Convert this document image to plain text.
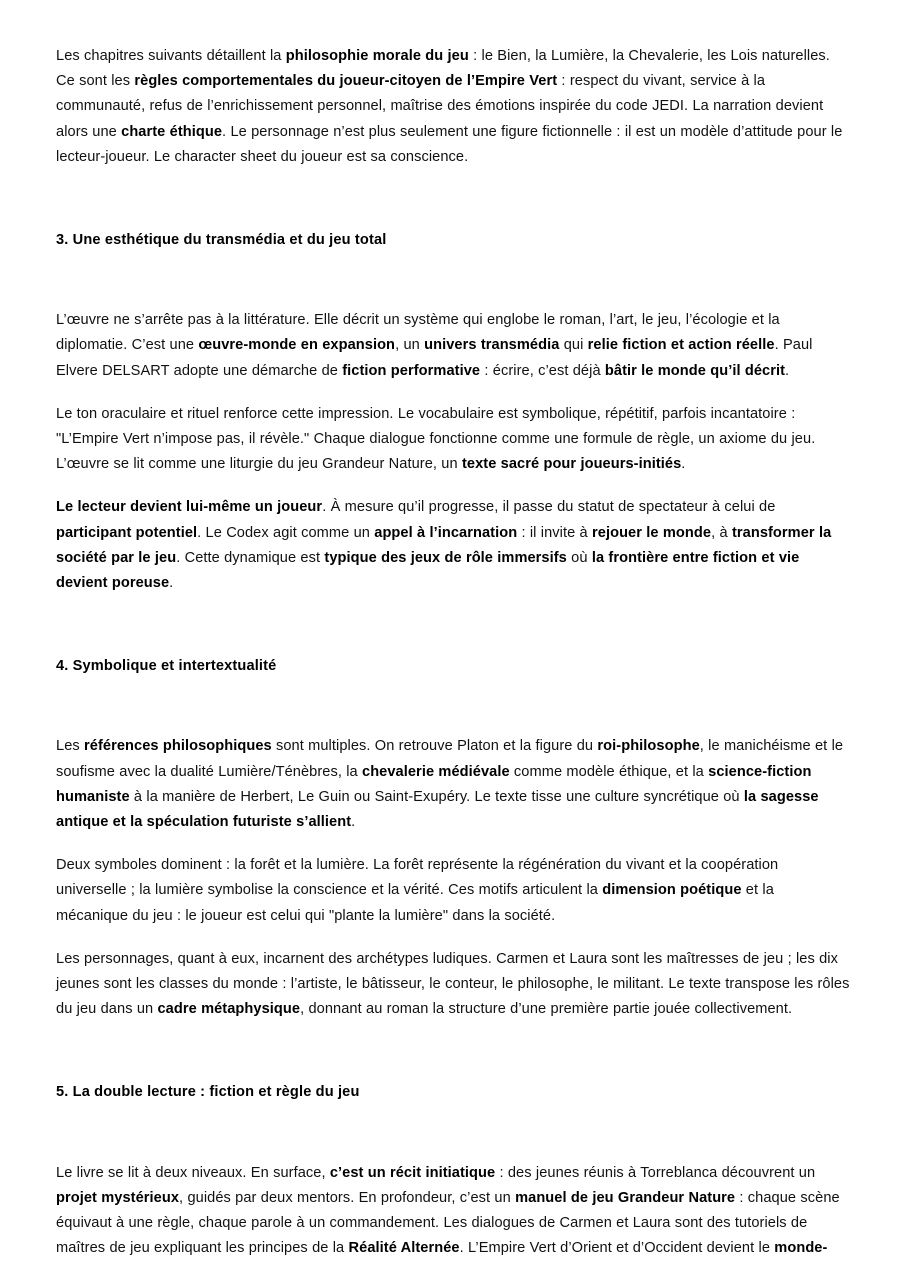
Les chapitres suivants détaillent la philosophie morale du jeu : le Bien, la Lumière, la Chevalerie, les Lois naturelles. Ce sont les règles comportementales du joueur-citoyen de l’Empire Vert : respect du vivant, service à la communauté, refus de l’enrichissement personnel, maîtrise des émotions inspirée du code JEDI. La narration devient alors une charte éthique. Le personnage n’est plus seulement une figure fictionnelle : il est un modèle d’attitude pour le lecteur-joueur. Le character sheet du joueur est sa conscience.

3. Une esthétique du transmédia et du jeu total

L’œuvre ne s’arrête pas à la littérature. Elle décrit un système qui englobe le roman, l’art, le jeu, l’écologie et la diplomatie. C’est une œuvre-monde en expansion, un univers transmédia qui relie fiction et action réelle. Paul Elvere DELSART adopte une démarche de fiction performative : écrire, c’est déjà bâtir le monde qu’il décrit.

Le ton oraculaire et rituel renforce cette impression. Le vocabulaire est symbolique, répétitif, parfois incantatoire : "L’Empire Vert n’impose pas, il révèle." Chaque dialogue fonctionne comme une formule de règle, un axiome du jeu. L’œuvre se lit comme une liturgie du jeu Grandeur Nature, un texte sacré pour joueurs-initiés.

Le lecteur devient lui-même un joueur. À mesure qu’il progresse, il passe du statut de spectateur à celui de participant potentiel. Le Codex agit comme un appel à l’incarnation : il invite à rejouer le monde, à transformer la société par le jeu. Cette dynamique est typique des jeux de rôle immersifs où la frontière entre fiction et vie devient poreuse.

4. Symbolique et intertextualité

Les références philosophiques sont multiples. On retrouve Platon et la figure du roi-philosophe, le manichéisme et le soufisme avec la dualité Lumière/Ténèbres, la chevalerie médiévale comme modèle éthique, et la science-fiction humaniste à la manière de Herbert, Le Guin ou Saint-Exupéry. Le texte tisse une culture syncrétique où la sagesse antique et la spéculation futuriste s’allient.

Deux symboles dominent : la forêt et la lumière. La forêt représente la régénération du vivant et la coopération universelle ; la lumière symbolise la conscience et la vérité. Ces motifs articulent la dimension poétique et la mécanique du jeu : le joueur est celui qui "plante la lumière" dans la société.

Les personnages, quant à eux, incarnent des archétypes ludiques. Carmen et Laura sont les maîtresses de jeu ; les dix jeunes sont les classes du monde : l’artiste, le bâtisseur, le conteur, le philosophe, le militant. Le texte transpose les rôles du jeu dans un cadre métaphysique, donnant au roman la structure d’une première partie jouée collectivement.

5. La double lecture : fiction et règle du jeu

Le livre se lit à deux niveaux. En surface, c’est un récit initiatique : des jeunes réunis à Torreblanca découvrent un projet mystérieux, guidés par deux mentors. En profondeur, c’est un manuel de jeu Grandeur Nature : chaque scène équivaut à une règle, chaque parole à un commandement. Les dialogues de Carmen et Laura sont des tutoriels de maîtres de jeu expliquant les principes de la Réalité Alternée. L’Empire Vert d’Orient et d’Occident devient le monde-
